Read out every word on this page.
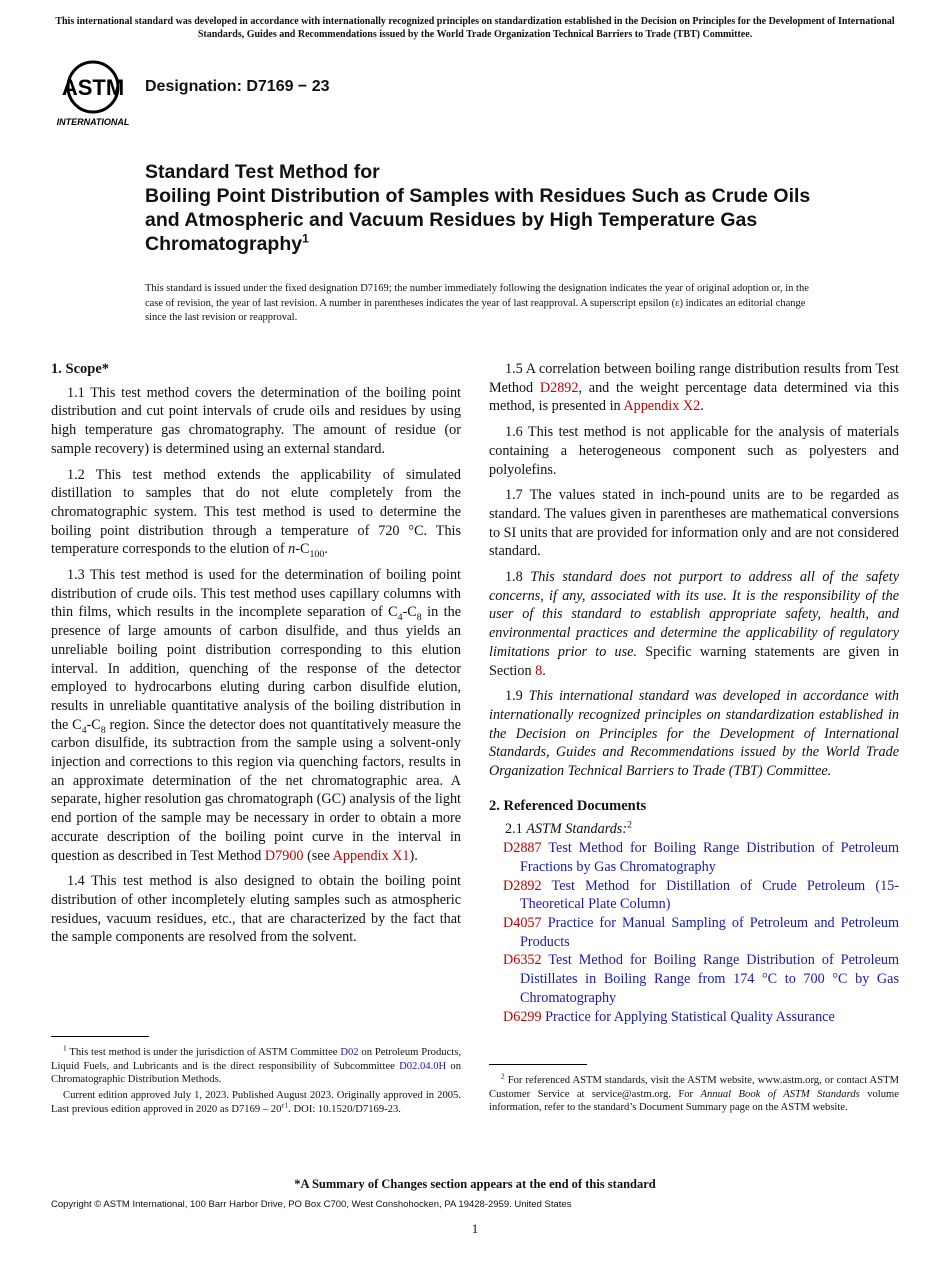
This international standard was developed in accordance with internationally recognized principles on standardization established in the Decision on Principles for the Development of International Standards, Guides and Recommendations issued by the World Trade Organization Technical Barriers to Trade (TBT) Committee.
ASTM
INTERNATIONAL
Designation: D7169 − 23
Standard Test Method for
Boiling Point Distribution of Samples with Residues Such as Crude Oils and Atmospheric and Vacuum Residues by High Temperature Gas Chromatography$^1$
This standard is issued under the fixed designation D7169; the number immediately following the designation indicates the year of original adoption or, in the case of revision, the year of last revision. A number in parentheses indicates the year of last reapproval. A superscript epsilon (ε) indicates an editorial change since the last revision or reapproval.
1. Scope*

1.1 This test method covers the determination of the boiling point distribution and cut point intervals of crude oils and residues by using high temperature gas chromatography. The amount of residue (or sample recovery) is determined using an external standard.

1.2 This test method extends the applicability of simulated distillation to samples that do not elute completely from the chromatographic system. This test method is used to determine the boiling point distribution through a temperature of 720 °C. This temperature corresponds to the elution of $n-C_{100}$.

1.3 This test method is used for the determination of boiling point distribution of crude oils. This test method uses capillary columns with thin films, which results in the incomplete separation of $C_4-C_8$ in the presence of large amounts of carbon disulfide, and thus yields an unreliable boiling point distribution corresponding to this elution interval. In addition, quenching of the response of the detector employed to hydrocarbons eluting during carbon disulfide elution, results in unreliable quantitative analysis of the boiling distribution in the $C_4-C_8$ region. Since the detector does not quantitatively measure the carbon disulfide, its subtraction from the sample using a solvent-only injection and corrections to this region via quenching factors, results in an approximate determination of the net chromatographic area. A separate, higher resolution gas chromatograph (GC) analysis of the light end portion of the sample may be necessary in order to obtain a more accurate description of the boiling point curve in the interval in question as described in Test Method D7900 (see Appendix X1).

1.4 This test method is also designed to obtain the boiling point distribution of other incompletely eluting samples such as atmospheric residues, vacuum residues, etc., that are characterized by the fact that the sample components are resolved from the solvent.

1.5 A correlation between boiling range distribution results from Test Method D2892, and the weight percentage data determined via this method, is presented in Appendix X2.

1.6 This test method is not applicable for the analysis of materials containing a heterogeneous component such as polyesters and polyolefins.

1.7 The values stated in inch-pound units are to be regarded as standard. The values given in parentheses are mathematical conversions to SI units that are provided for information only and are not considered standard.

1.8 This standard does not purport to address all of the safety concerns, if any, associated with its use. It is the responsibility of the user of this standard to establish appropriate safety, health, and environmental practices and determine the applicability of regulatory limitations prior to use. Specific warning statements are given in Section 8.

1.9 This international standard was developed in accordance with internationally recognized principles on standardization established in the Decision on Principles for the Development of International Standards, Guides and Recommendations issued by the World Trade Organization Technical Barriers to Trade (TBT) Committee.

2. Referenced Documents

2.1 ASTM Standards:$^2$

D2887 Test Method for Boiling Range Distribution of Petroleum Fractions by Gas Chromatography
D2892 Test Method for Distillation of Crude Petroleum (15-Theoretical Plate Column)
D4057 Practice for Manual Sampling of Petroleum and Petroleum Products
D6352 Test Method for Boiling Range Distribution of Petroleum Distillates in Boiling Range from 174 °C to 700 °C by Gas Chromatography
D6299 Practice for Applying Statistical Quality Assurance

$^1$ This test method is under the jurisdiction of ASTM Committee D02 on Petroleum Products, Liquid Fuels, and Lubricants and is the direct responsibility of Subcommittee D02.04.0H on Chromatographic Distribution Methods.

Current edition approved July 1, 2023. Published August 2023. Originally approved in 2005. Last previous edition approved in 2020 as $D7169 - 20^{\varepsilon 1}$. DOI: 10.1520/D7169-23.

$^2$ For referenced ASTM standards, visit the ASTM website, www.astm.org, or contact ASTM Customer Service at service@astm.org. For Annual Book of ASTM Standards volume information, refer to the standard’s Document Summary page on the ASTM website.

*A Summary of Changes section appears at the end of this standard
Copyright © ASTM International, 100 Barr Harbor Drive, PO Box C700, West Conshohocken, PA 19428-2959. United States
1
